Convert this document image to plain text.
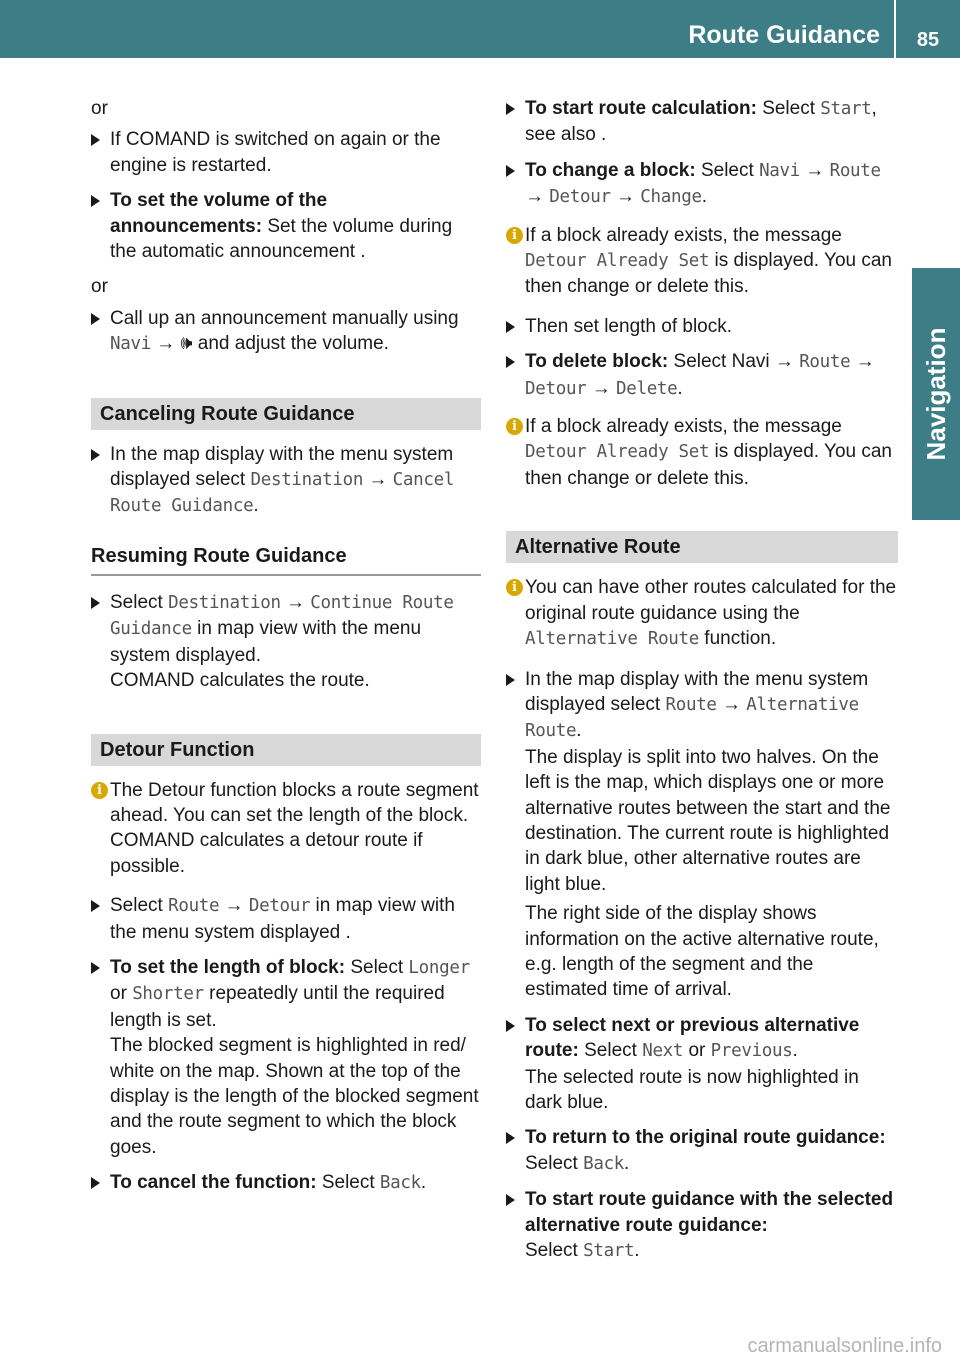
Route Guidance	85
Navigation

or

If COMAND is switched on again or the engine is restarted.

To set the volume of the announcements: Set the volume during the automatic announcement .

or

Call up an announcement manually using Navi → 🕪 and adjust the volume.

Canceling Route Guidance

In the map display with the menu system displayed select Destination → Cancel Route Guidance.

Resuming Route Guidance

Select Destination → Continue Route Guidance in map view with the menu system displayed.
COMAND calculates the route.

Detour Function
i The Detour function blocks a route segment ahead. You can set the length of the block. COMAND calculates a detour route if possible.

Select Route → Detour in map view with the menu system displayed .

To set the length of block: Select Longer or Shorter repeatedly until the required length is set.
The blocked segment is highlighted in red/ white on the map. Shown at the top of the display is the length of the blocked segment and the route segment to which the block goes.

To cancel the function: Select Back.

To start route calculation: Select Start, see also .

To change a block: Select Navi → Route → Detour → Change.

i If a block already exists, the message Detour Already Set is displayed. You can then change or delete this.

Then set length of block.

To delete block: Select Navi → Route → Detour → Delete.

i If a block already exists, the message Detour Already Set is displayed. You can then change or delete this.
Alternative Route
i You can have other routes calculated for the original route guidance using the Alternative Route function.

In the map display with the menu system displayed select Route → Alternative Route.
The display is split into two halves. On the left is the map, which displays one or more alternative routes between the start and the destination. The current route is highlighted in dark blue, other alternative routes are light blue.

The right side of the display shows information on the active alternative route, e.g. length of the segment and the estimated time of arrival.

To select next or previous alternative route: Select Next or Previous.
The selected route is now highlighted in dark blue.

To return to the original route guidance:
Select Back.

To start route guidance with the selected alternative route guidance:
Select Start.

carmanualsonline.info
